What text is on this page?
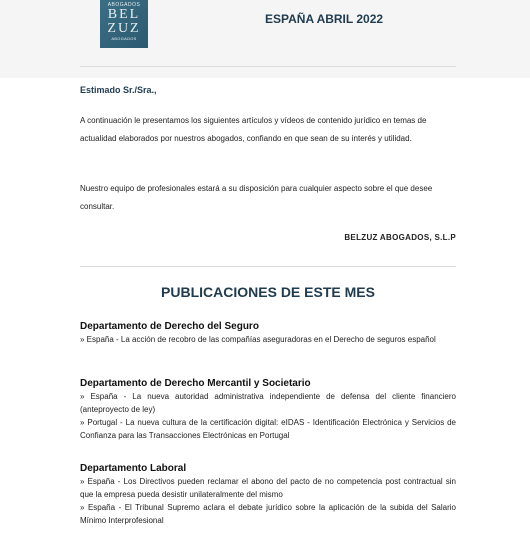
ABOGADOS
BEL
ZUZ
ABOGADOS
ESPAÑA ABRIL 2022
Estimado Sr./Sra.,
A continuación le presentamos los siguientes artículos y vídeos de contenido jurídico en temas de actualidad elaborados por nuestros abogados, confiando en que sean de su interés y utilidad.
Nuestro equipo de profesionales estará a su disposición para cualquier aspecto sobre el que desee consultar.
BELZUZ ABOGADOS, S.L.P
PUBLICACIONES DE ESTE MES
Departamento de Derecho del Seguro
» España - La acción de recobro de las compañías aseguradoras en el Derecho de seguros español
Departamento de Derecho Mercantil y Societario
» España - La nueva autoridad administrativa independiente de defensa del cliente financiero (anteproyecto de ley)
» Portugal - La nueva cultura de la certificación digital: eIDAS - Identificación Electrónica y Servicios de Confianza para las Transacciones Electrónicas en Portugal
Departamento Laboral
» España - Los Directivos pueden reclamar el abono del pacto de no competencia post contractual sin que la empresa pueda desistir unilateralmente del mismo
» España - El Tribunal Supremo aclara el debate jurídico sobre la aplicación de la subida del Salario Mínimo Interprofesional
